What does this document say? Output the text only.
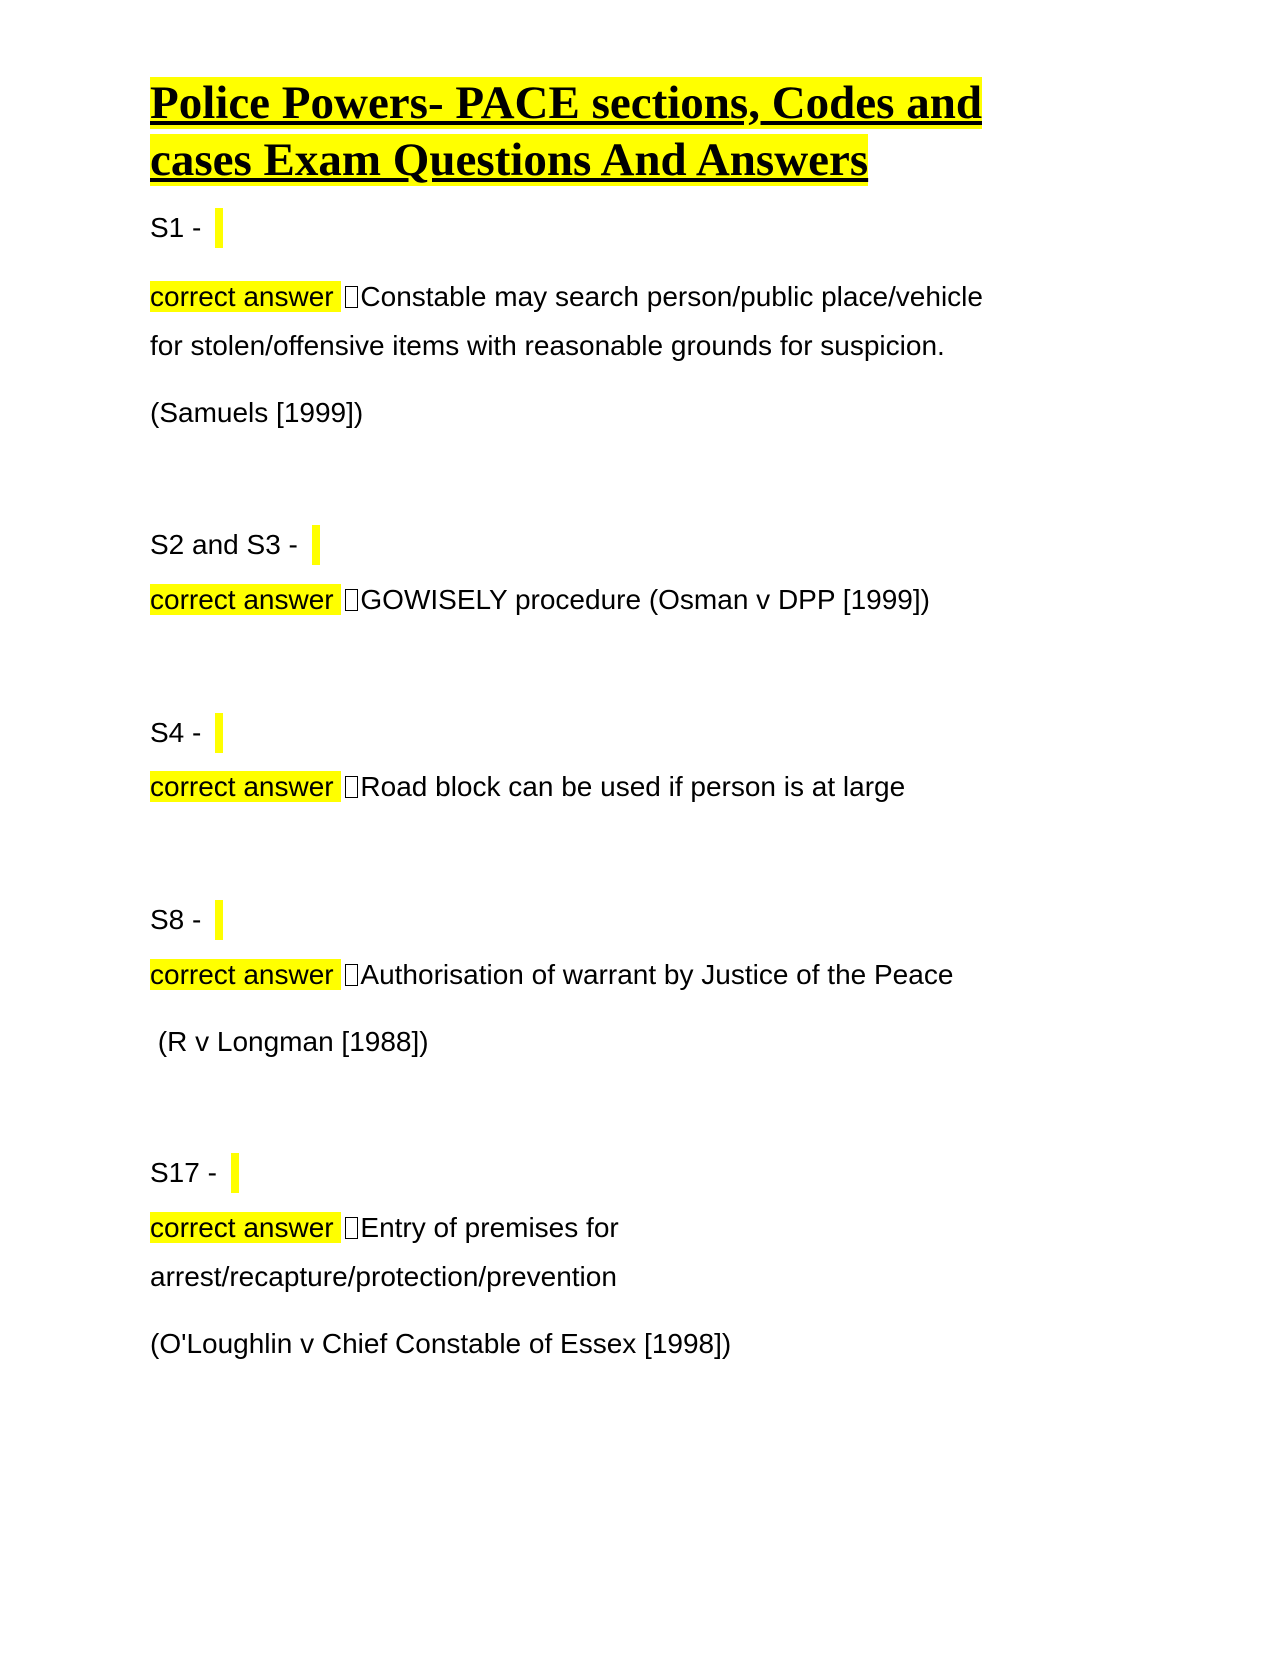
Police Powers- PACE sections, Codes and
cases Exam Questions And Answers
S1 -
correct answer Constable may search person/public place/vehicle
for stolen/offensive items with reasonable grounds for suspicion.
(Samuels [1999])
S2 and S3 -
correct answer GOWISELY procedure (Osman v DPP [1999])
S4 -
correct answer Road block can be used if person is at large
S8 -
correct answer Authorisation of warrant by Justice of the Peace
(R v Longman [1988])
S17 -
correct answer Entry of premises for
arrest/recapture/protection/prevention
(O'Loughlin v Chief Constable of Essex [1998])
